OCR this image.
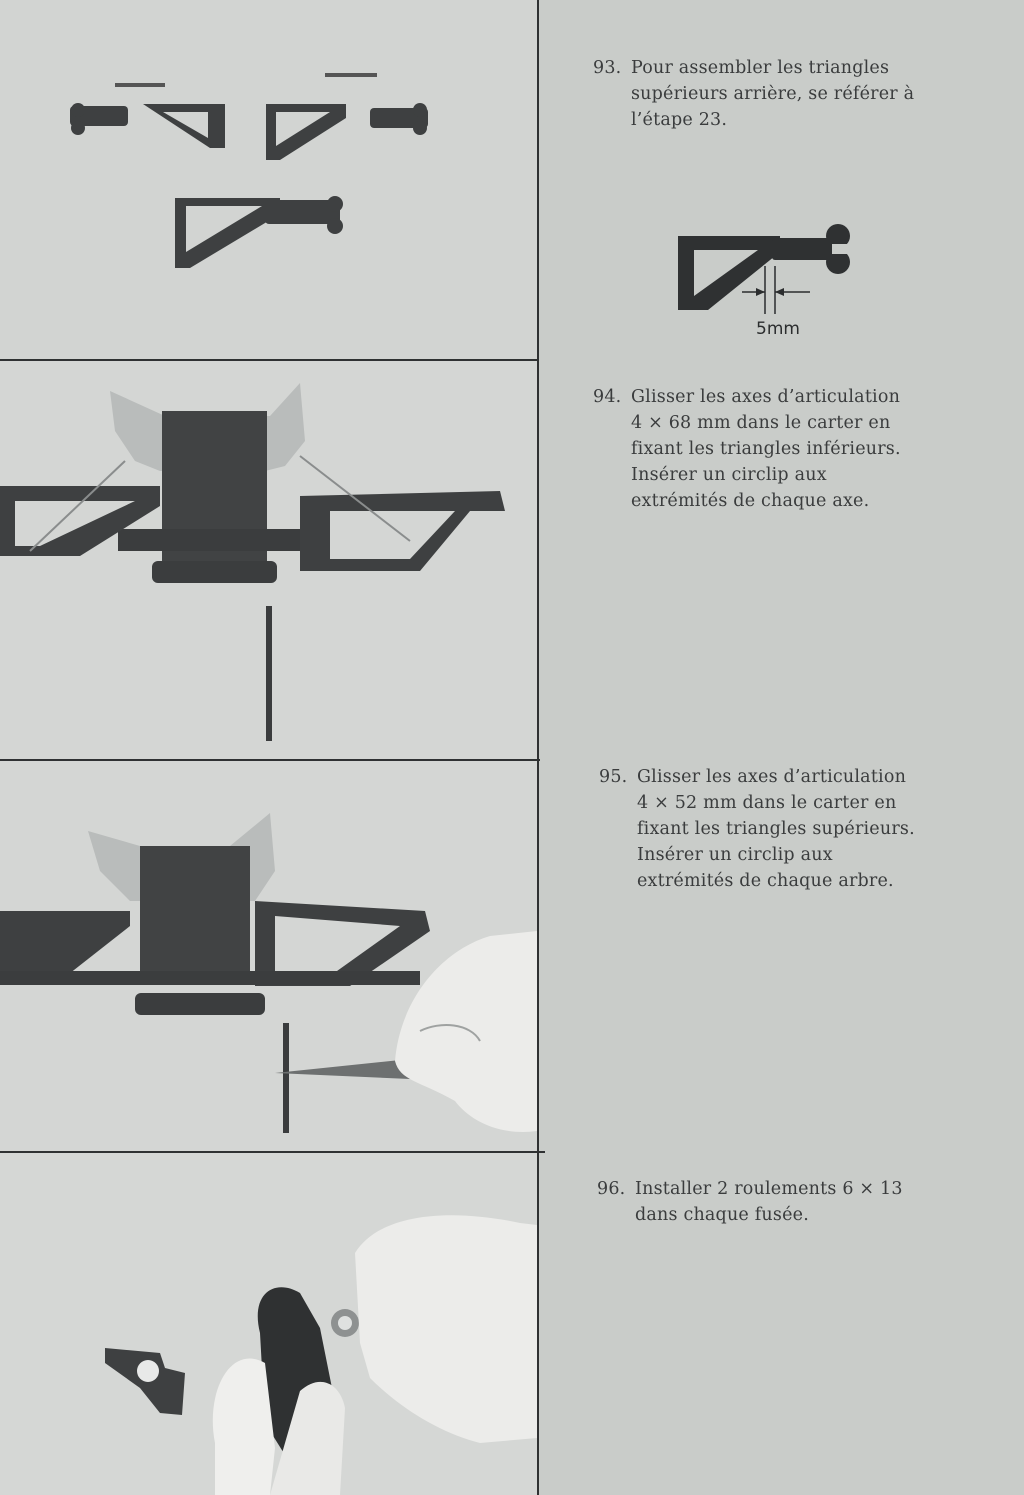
93. Pour assembler les triangles
supérieurs arrière, se référer à
l’étape 23.
5mm
94. Glisser les axes d’articulation
4 × 68 mm dans le carter en
fixant les triangles inférieurs.
Insérer un circlip aux
extrémités de chaque axe.
95. Glisser les axes d’articulation
4 × 52 mm dans le carter en
fixant les triangles supérieurs.
Insérer un circlip aux
extrémités de chaque arbre.
96. Installer 2 roulements 6 × 13
dans chaque fusée.
